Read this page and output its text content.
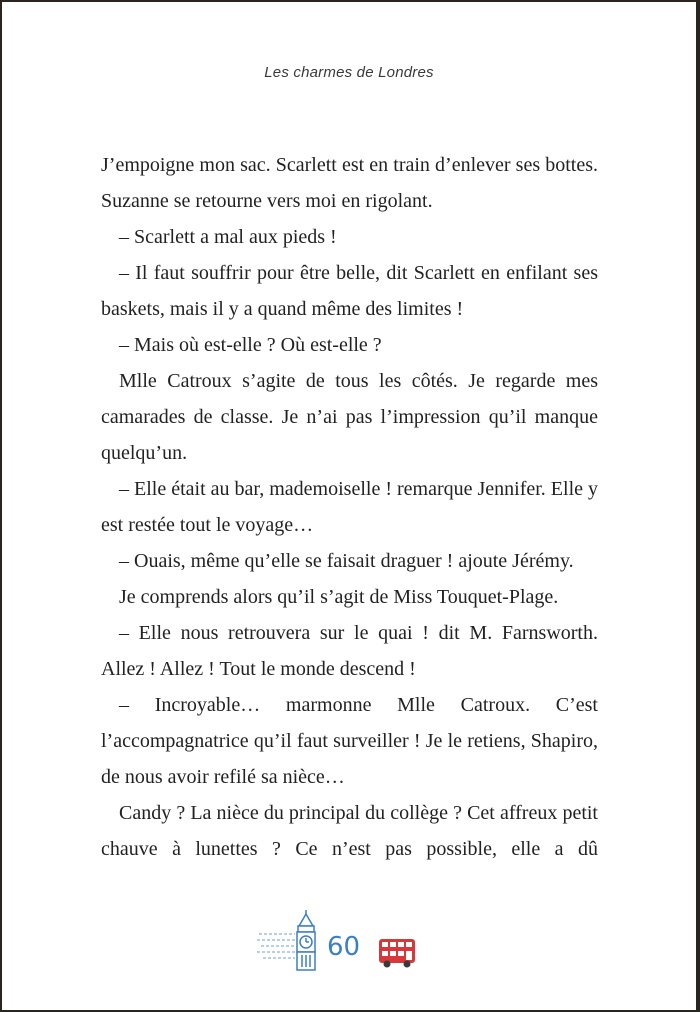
Les charmes de Londres

J’empoigne mon sac. Scarlett est en train d’enlever ses bottes. Suzanne se retourne vers moi en rigolant.

– Scarlett a mal aux pieds !

– Il faut souffrir pour être belle, dit Scarlett en enfilant ses baskets, mais il y a quand même des limites !

– Mais où est-elle ? Où est-elle ?

Mlle Catroux s’agite de tous les côtés. Je regarde mes camarades de classe. Je n’ai pas l’impression qu’il manque quelqu’un.

– Elle était au bar, mademoiselle ! remarque Jennifer. Elle y est restée tout le voyage…

– Ouais, même qu’elle se faisait draguer ! ajoute Jérémy.

Je comprends alors qu’il s’agit de Miss Touquet-Plage.

– Elle nous retrouvera sur le quai ! dit M. Farnsworth. Allez ! Allez ! Tout le monde descend !

– Incroyable… marmonne Mlle Catroux. C’est l’accompagnatrice qu’il faut surveiller ! Je le retiens, Shapiro, de nous avoir refilé sa nièce…

Candy ? La nièce du principal du collège ? Cet affreux petit chauve à lunettes ? Ce n’est pas possible, elle a dû

60
